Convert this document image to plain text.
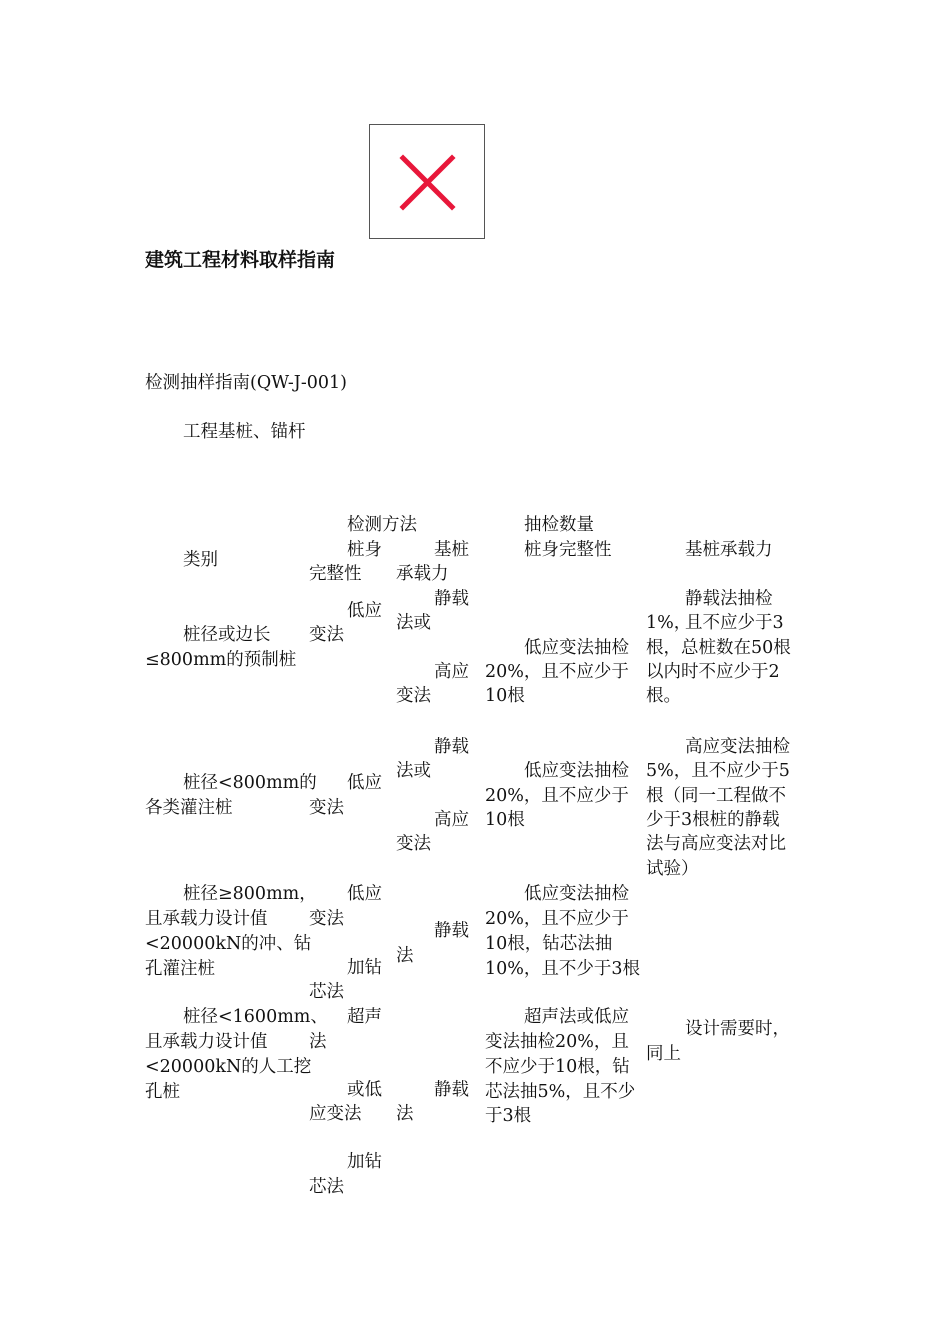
建筑工程材料取样指南
检测抽样指南(QW-J-001)
工程基桩、锚杆
类别
检测方法
桩身
完整性
基桩
承载力
抽检数量
桩身完整性	基桩承载力
桩径或边长
≤800mm的预制桩
低应
变法
静载
法或
高应
变法
低应变法抽检
20%，且不应少于
10根
1%，
静载法抽检
且不应少于3
根，总桩数在50根
以内时不应少于2
根。
桩径<800mm的
各类灌注桩
低应
变法
静载
法或
高应
变法
低应变法抽检
20%，且不应少于
10根
高应变法抽检
5%，且不应少于5
根（同一工程做不
少于3根桩的静载
法与高应变法对比
试验）
桩径≥800mm，
且承载力设计值
<20000kN的冲、钻
孔灌注桩
低应
变法
加钻
芯法
静载
法
低应变法抽检
20%，且不应少于
10根，钻芯法抽
10%，且不少于3根
桩径<1600mm、
且承载力设计值
<20000kN的人工挖
孔桩
超声
法
或低
应变法
加钻
芯法
静载
法
超声法或低应
变法抽检20%，且
不应少于10根，钻
芯法抽5%，且不少
于3根
同上
设计需要时，
